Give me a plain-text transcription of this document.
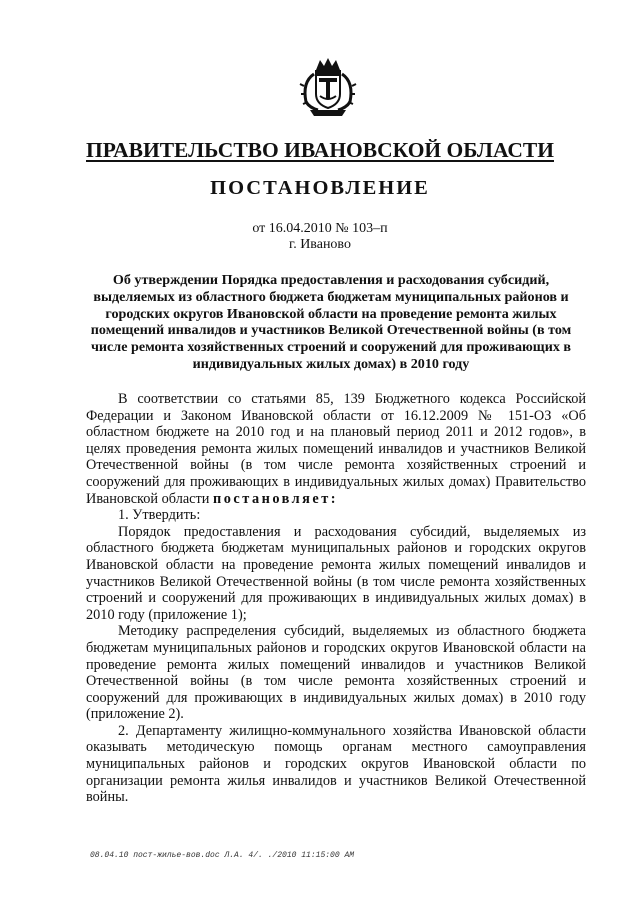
ПРАВИТЕЛЬСТВО ИВАНОВСКОЙ ОБЛАСТИ
ПОСТАНОВЛЕНИЕ
от 16.04.2010 № 103–п
г. Иваново
Об утверждении Порядка предоставления и расходования субсидий, выделяемых из областного бюджета бюджетам муниципальных районов и городских округов Ивановской области на проведение ремонта жилых помещений инвалидов и участников Великой Отечественной войны (в том числе ремонта хозяйственных строений и сооружений для проживающих в индивидуальных жилых домах) в 2010 году

В соответствии со статьями 85, 139 Бюджетного кодекса Российской Федерации и Законом Ивановской области от 16.12.2009 № 151-ОЗ «Об областном бюджете на 2010 год и на плановый период 2011 и 2012 годов», в целях проведения ремонта жилых помещений инвалидов и участников Великой Отечественной войны (в том числе ремонта хозяйственных строений и сооружений для проживающих в индивидуальных жилых домах) Правительство Ивановской области постановляет:

1. Утвердить:

Порядок предоставления и расходования субсидий, выделяемых из областного бюджета бюджетам муниципальных районов и городских округов Ивановской области на проведение ремонта жилых помещений инвалидов и участников Великой Отечественной войны (в том числе ремонта хозяйственных строений и сооружений для проживающих в индивидуальных жилых домах) в 2010 году (приложение 1);

Методику распределения субсидий, выделяемых из областного бюджета бюджетам муниципальных районов и городских округов Ивановской области на проведение ремонта жилых помещений инвалидов и участников Великой Отечественной войны (в том числе ремонта хозяйственных строений и сооружений для проживающих в индивидуальных жилых домах) в 2010 году (приложение 2).

2. Департаменту жилищно-коммунального хозяйства Ивановской области оказывать методическую помощь органам местного самоуправления муниципальных районов и городских округов Ивановской области по организации ремонта жилья инвалидов и участников Великой Отечественной войны.

08.04.10 пост-жилье-вов.doc Л.А. 4/. ./2010 11:15:00 AM
